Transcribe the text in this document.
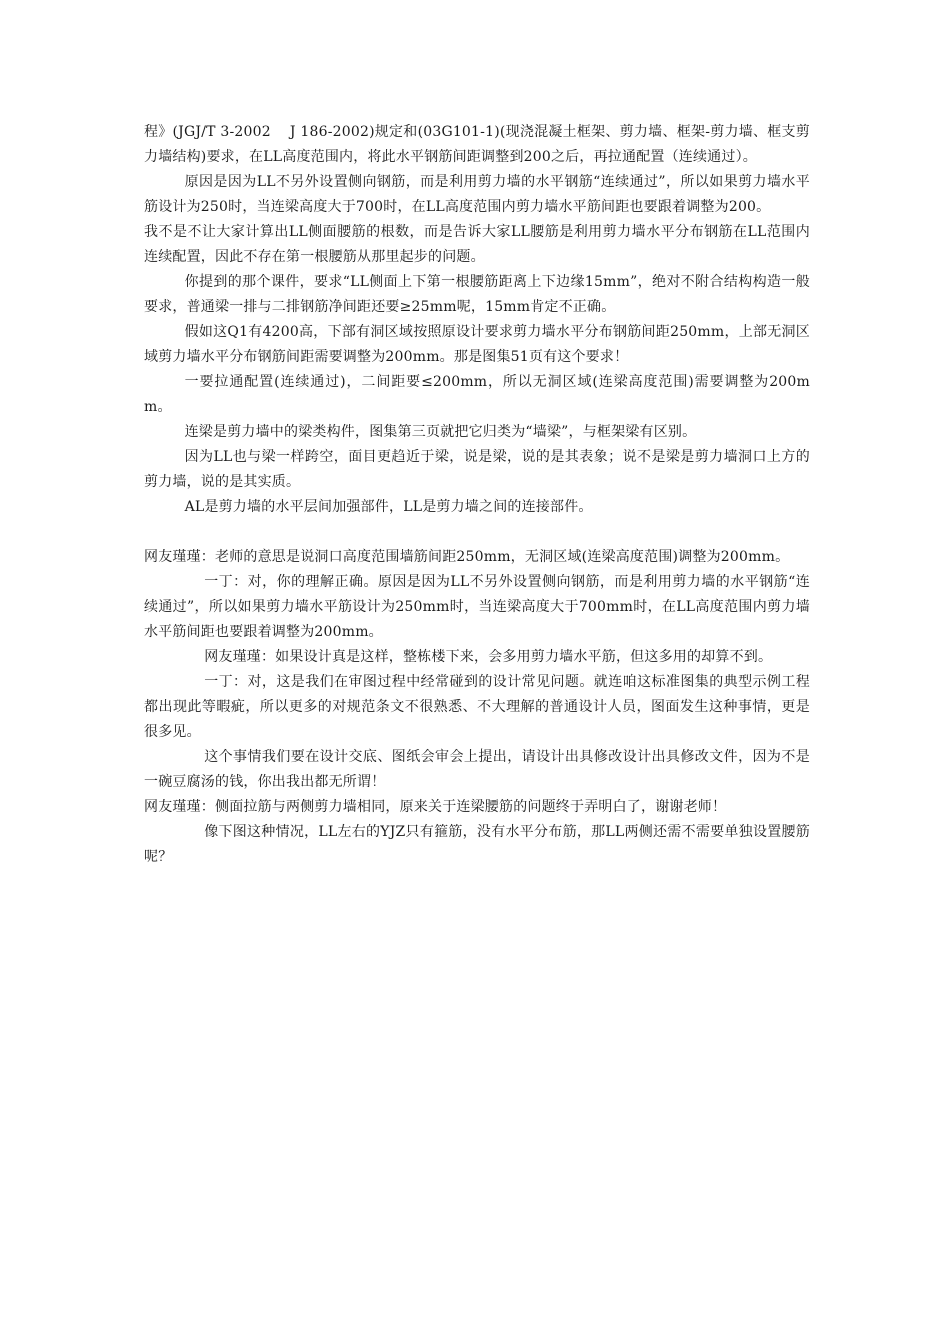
程》(JGJ/T 3-2002　 J 186-2002)规定和(03G101-1)(现浇混凝土框架、剪力墙、框架-剪力墙、框支剪力墙结构)要求，在LL高度范围内，将此水平钢筋间距调整到200之后，再拉通配置（连续通过）。

原因是因为LL不另外设置侧向钢筋，而是利用剪力墙的水平钢筋“连续通过”，所以如果剪力墙水平筋设计为250时，当连梁高度大于700时，在LL高度范围内剪力墙水平筋间距也要跟着调整为200。

我不是不让大家计算出LL侧面腰筋的根数，而是告诉大家LL腰筋是利用剪力墙水平分布钢筋在LL范围内连续配置，因此不存在第一根腰筋从那里起步的问题。

你提到的那个课件，要求“LL侧面上下第一根腰筋距离上下边缘15mm”，绝对不附合结构构造一般要求，普通梁一排与二排钢筋净间距还要≥25mm呢，15mm肯定不正确。

假如这Q1有4200高，下部有洞区域按照原设计要求剪力墙水平分布钢筋间距250mm，上部无洞区域剪力墙水平分布钢筋间距需要调整为200mm。那是图集51页有这个要求！

一要拉通配置(连续通过)，二间距要≤200mm，所以无洞区域(连梁高度范围)需要调整为200mm。

连梁是剪力墙中的梁类构件，图集第三页就把它归类为“墙梁”，与框架梁有区别。

因为LL也与梁一样跨空，面目更趋近于梁，说是梁，说的是其表象；说不是梁是剪力墙洞口上方的剪力墙，说的是其实质。

AL是剪力墙的水平层间加强部件，LL是剪力墙之间的连接部件。

网友瑾瑾：老师的意思是说洞口高度范围墙筋间距250mm，无洞区域(连梁高度范围)调整为200mm。

一丁：对，你的理解正确。原因是因为LL不另外设置侧向钢筋，而是利用剪力墙的水平钢筋“连续通过”，所以如果剪力墙水平筋设计为250mm时，当连梁高度大于700mm时，在LL高度范围内剪力墙水平筋间距也要跟着调整为200mm。

网友瑾瑾：如果设计真是这样，整栋楼下来，会多用剪力墙水平筋，但这多用的却算不到。

一丁：对，这是我们在审图过程中经常碰到的设计常见问题。就连咱这标准图集的典型示例工程都出现此等暇疵，所以更多的对规范条文不很熟悉、不大理解的普通设计人员，图面发生这种事情，更是很多见。

这个事情我们要在设计交底、图纸会审会上提出，请设计出具修改设计出具修改文件，因为不是一碗豆腐汤的钱，你出我出都无所谓！

网友瑾瑾：侧面拉筋与两侧剪力墙相同，原来关于连梁腰筋的问题终于弄明白了，谢谢老师！

像下图这种情况，LL左右的YJZ只有箍筋，没有水平分布筋，那LL两侧还需不需要单独设置腰筋呢？
